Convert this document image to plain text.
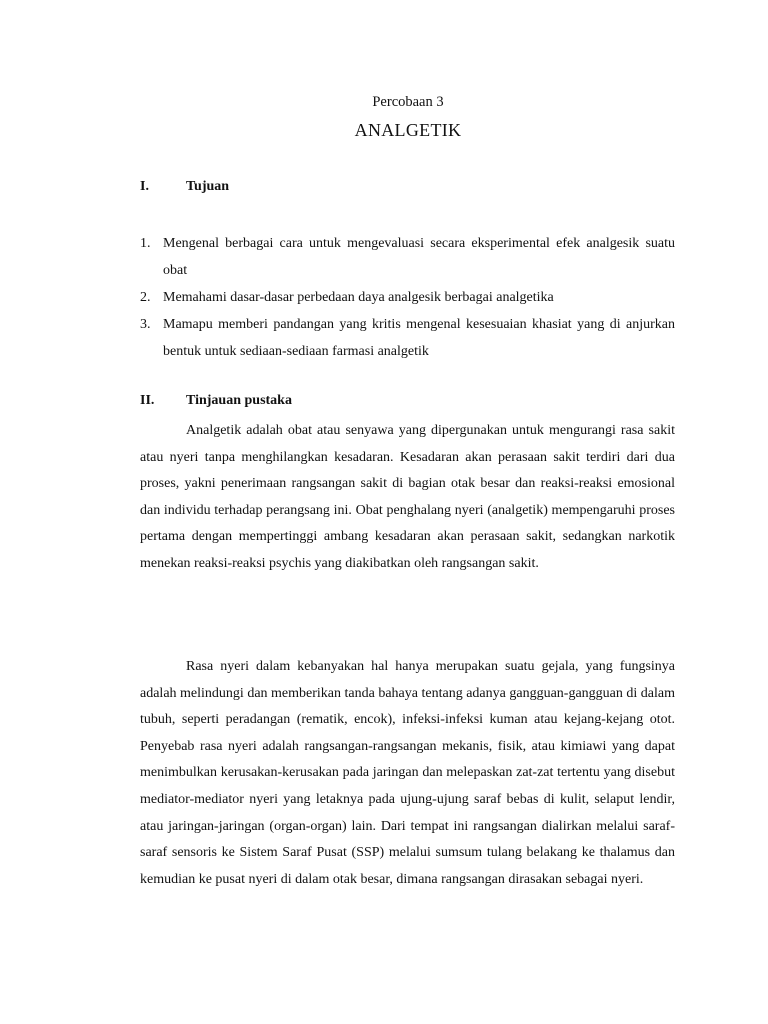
Percobaan 3
ANALGETIK
I.	Tujuan
1. Mengenal berbagai cara untuk mengevaluasi secara eksperimental efek analgesik suatu obat
2. Memahami dasar-dasar perbedaan daya analgesik berbagai analgetika
3. Mamapu memberi pandangan yang kritis mengenal kesesuaian khasiat yang di anjurkan bentuk untuk sediaan-sediaan farmasi analgetik
II. Tinjauan pustaka

Analgetik adalah obat atau senyawa yang dipergunakan untuk mengurangi rasa sakit atau nyeri tanpa menghilangkan kesadaran. Kesadaran akan perasaan sakit terdiri dari dua proses, yakni penerimaan rangsangan sakit di bagian otak besar dan reaksi-reaksi emosional dan individu terhadap perangsang ini. Obat penghalang nyeri (analgetik) mempengaruhi proses pertama dengan mempertinggi ambang kesadaran akan perasaan sakit, sedangkan narkotik menekan reaksi-reaksi psychis yang diakibatkan oleh rangsangan sakit.

Rasa nyeri dalam kebanyakan hal hanya merupakan suatu gejala, yang fungsinya adalah melindungi dan memberikan tanda bahaya tentang adanya gangguan-gangguan di dalam tubuh, seperti peradangan (rematik, encok), infeksi-infeksi kuman atau kejang-kejang otot. Penyebab rasa nyeri adalah rangsangan-rangsangan mekanis, fisik, atau kimiawi yang dapat menimbulkan kerusakan-kerusakan pada jaringan dan melepaskan zat-zat tertentu yang disebut mediator-mediator nyeri yang letaknya pada ujung-ujung saraf bebas di kulit, selaput lendir, atau jaringan-jaringan (organ-organ) lain. Dari tempat ini rangsangan dialirkan melalui saraf-saraf sensoris ke Sistem Saraf Pusat (SSP) melalui sumsum tulang belakang ke thalamus dan kemudian ke pusat nyeri di dalam otak besar, dimana rangsangan dirasakan sebagai nyeri.
